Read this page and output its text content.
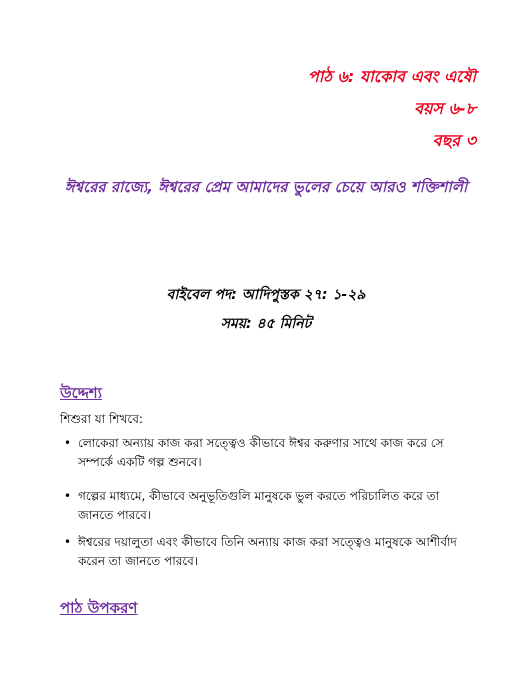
পাঠ ৬: যাকোব এবং এষৌ
বয়স ৬-৮
বছর ৩
ঈশ্বরের রাজ্যে, ঈশ্বরের প্রেম আমাদের ভুলের চেয়ে আরও শক্তিশালী
বাইবেল পদ: আদিপুস্তক ২৭: ১-২৯
সময়: ৪৫ মিনিট
উদ্দেশ্য
শিশুরা যা শিখবে:
• লোকেরা অন্যায় কাজ করা সত্ত্বেও কীভাবে ঈশ্বর করুণার সাথে কাজ করে সে সম্পর্কে একটি গল্প শুনবে।
• গল্পের মাধ্যমে, কীভাবে অনুভূতিগুলি মানুষকে ভুল করতে পরিচালিত করে তা জানতে পারবে।
• ঈশ্বরের দয়ালুতা এবং কীভাবে তিনি অন্যায় কাজ করা সত্ত্বেও মানুষকে আশীর্বাদ করেন তা জানতে পারবে।
পাঠ উপকরণ
